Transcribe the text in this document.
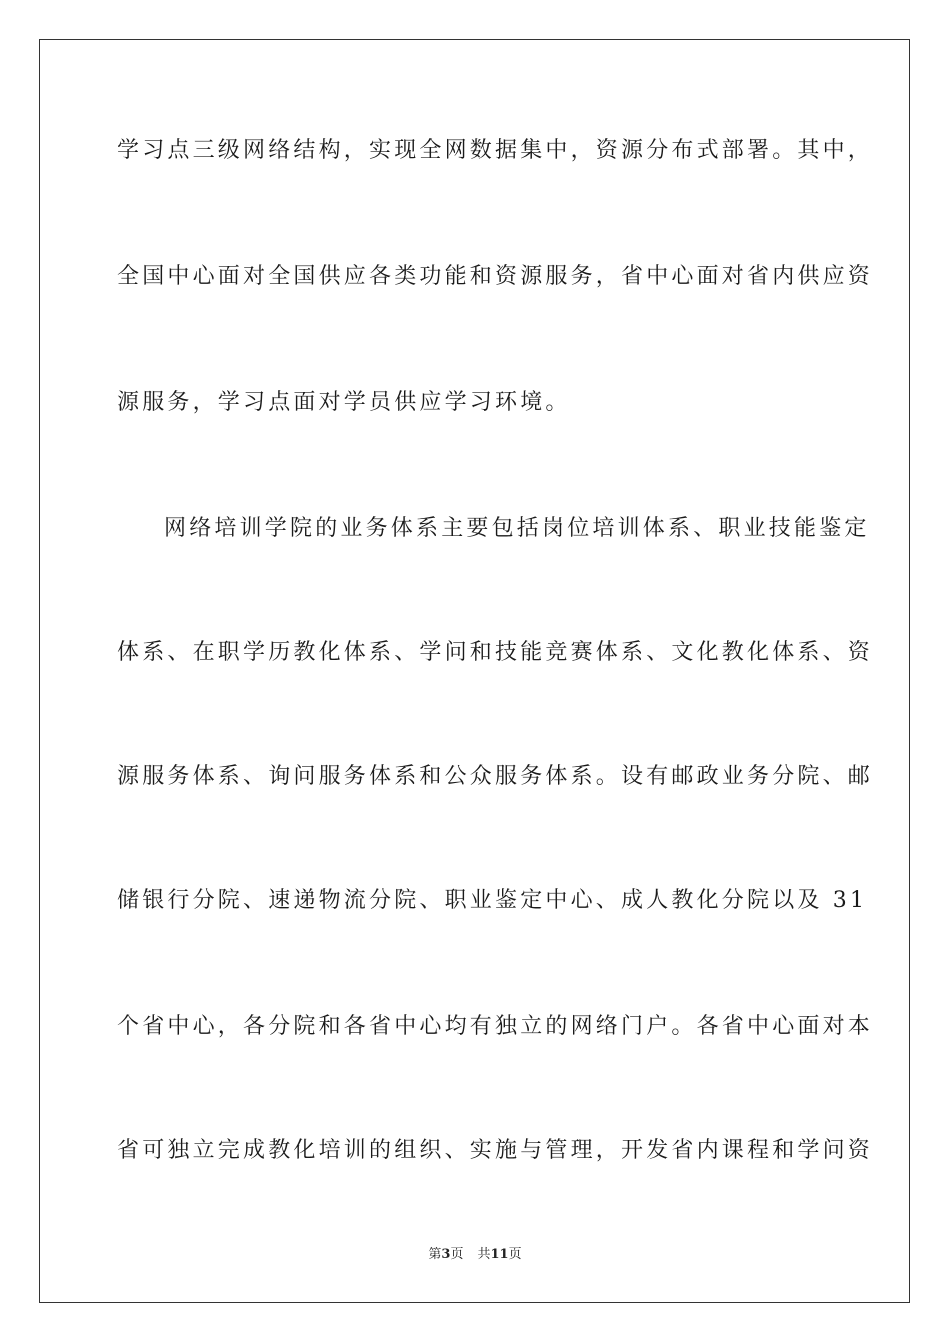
学习点三级网络结构，实现全网数据集中，资源分布式部署。其中，
全国中心面对全国供应各类功能和资源服务，省中心面对省内供应资
源服务，学习点面对学员供应学习环境。
网络培训学院的业务体系主要包括岗位培训体系、职业技能鉴定
体系、在职学历教化体系、学问和技能竞赛体系、文化教化体系、资
源服务体系、询问服务体系和公众服务体系。设有邮政业务分院、邮
储银行分院、速递物流分院、职业鉴定中心、成人教化分院以及 31
个省中心，各分院和各省中心均有独立的网络门户。各省中心面对本
省可独立完成教化培训的组织、实施与管理，开发省内课程和学问资
第3页 共11页
